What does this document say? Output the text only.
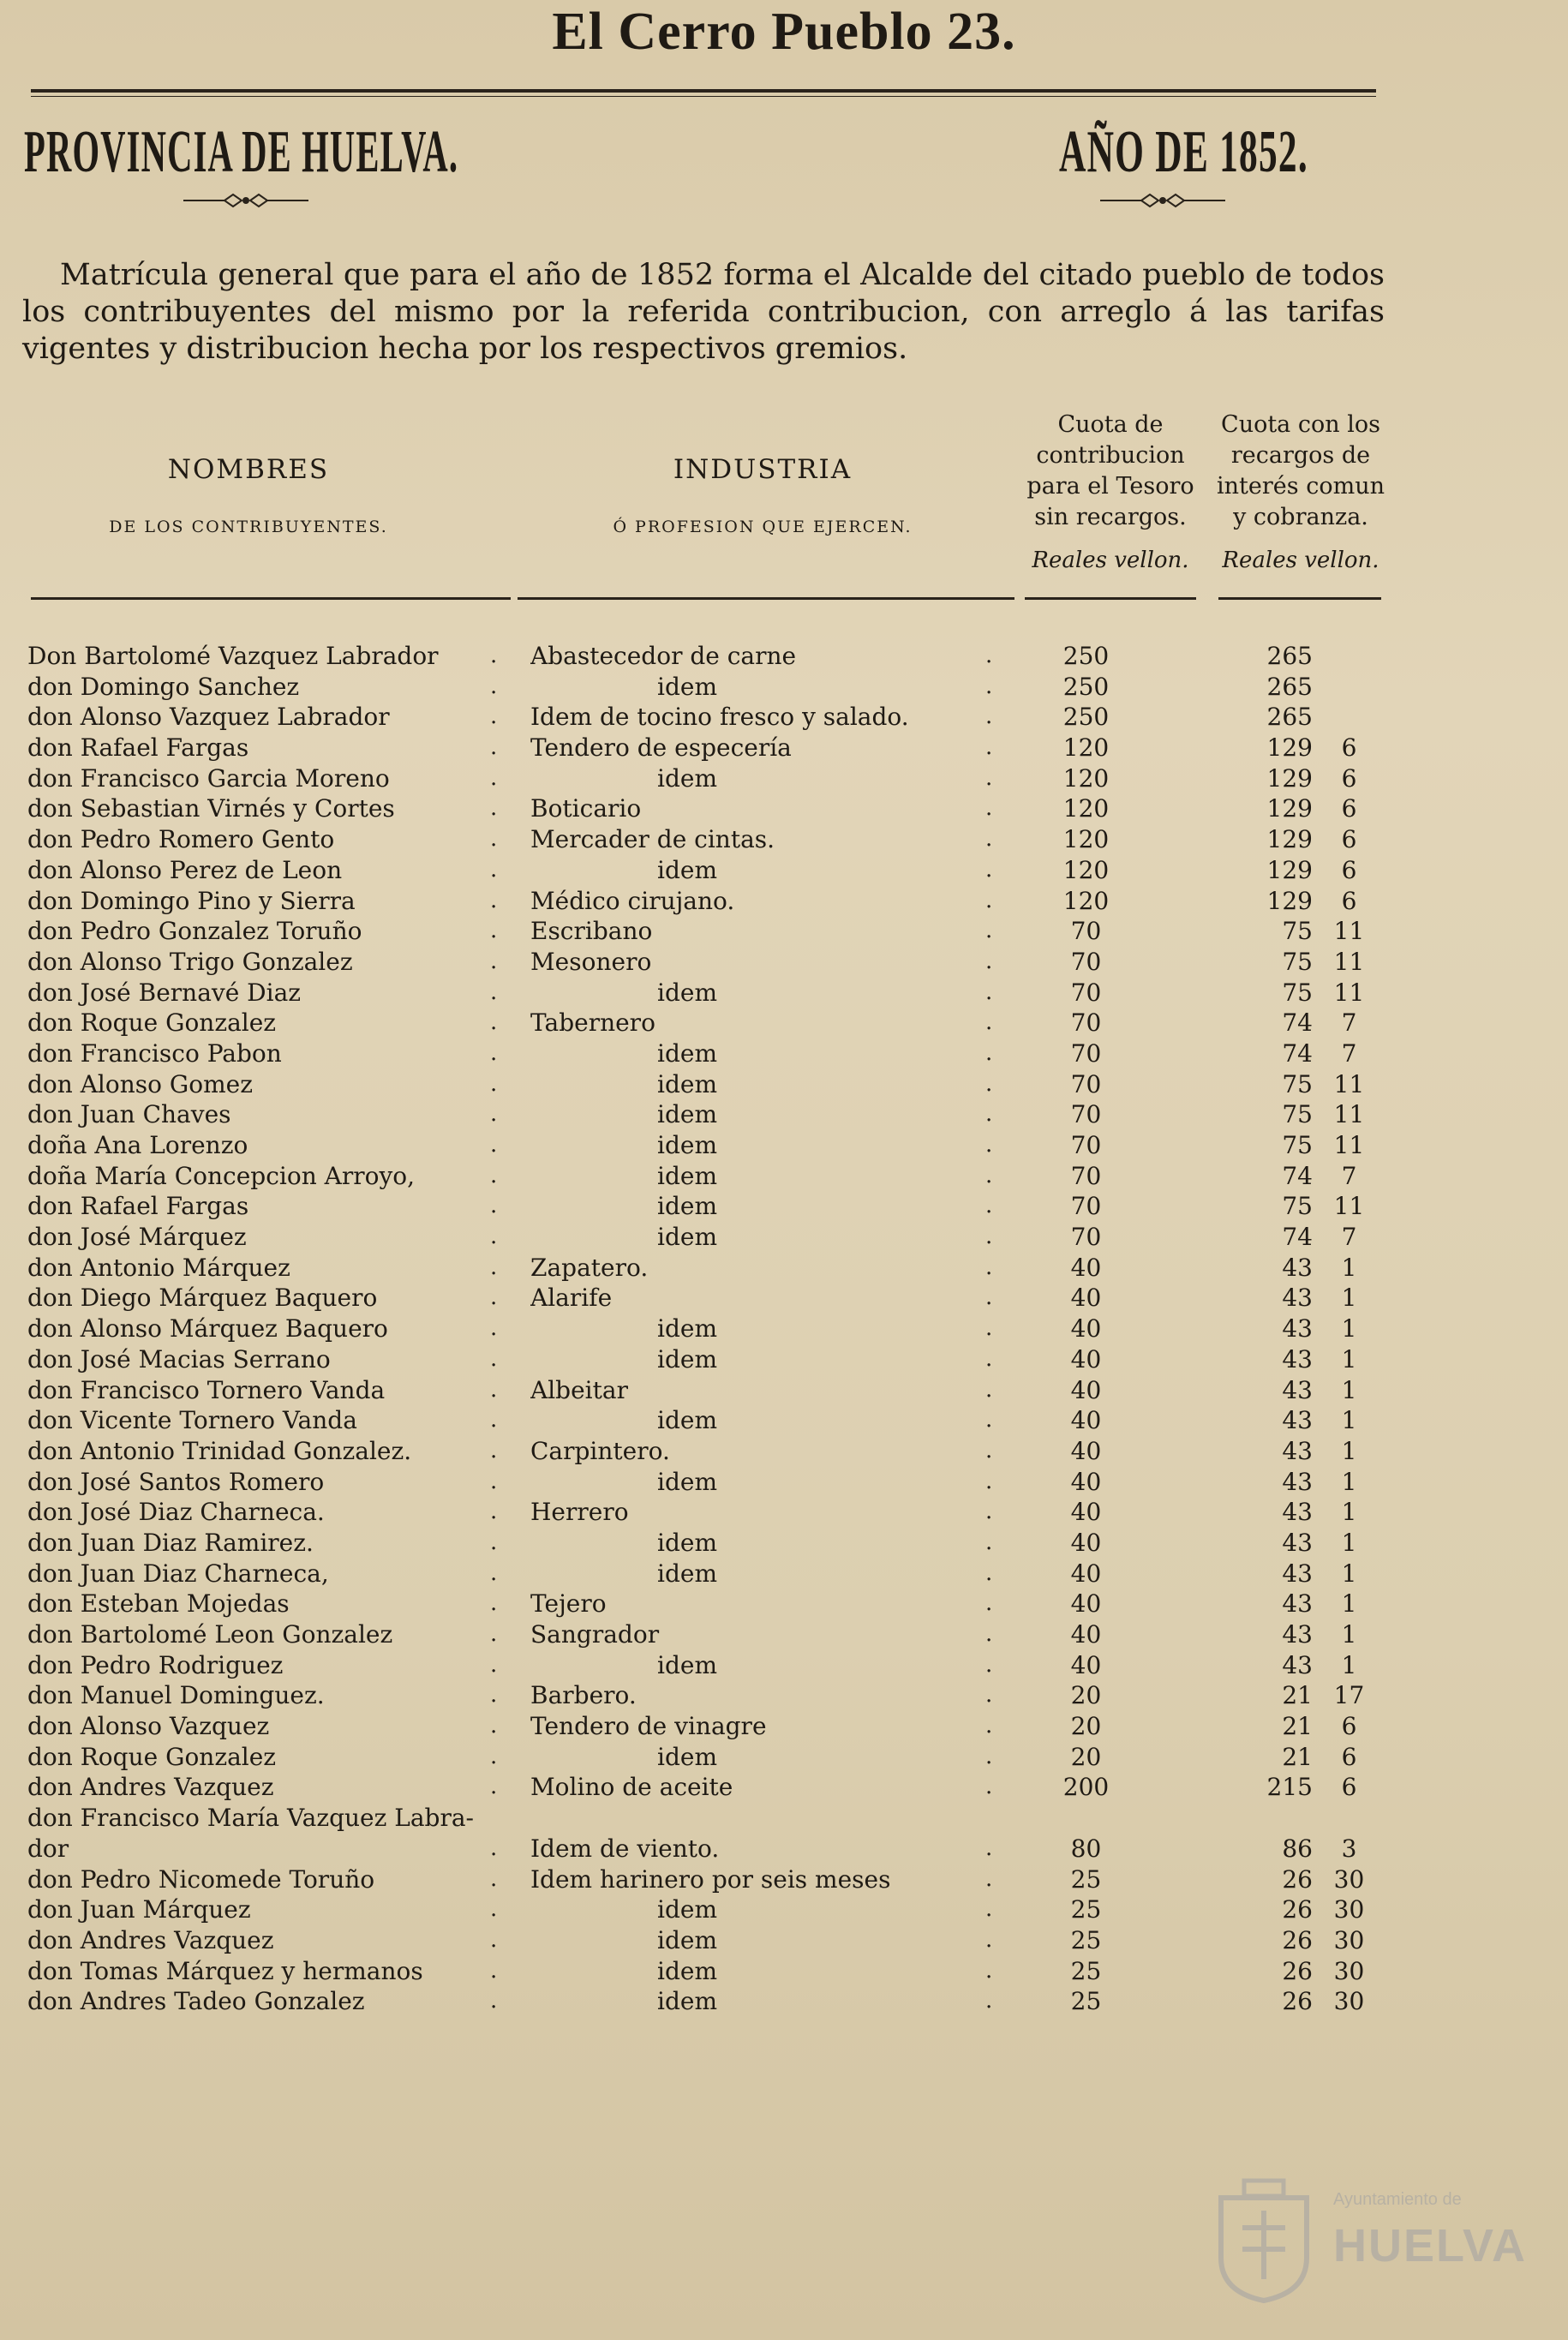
El Cerro Pueblo 23.
PROVINCIA DE HUELVA.	AÑO DE 1852.
Matrícula general que para el año de 1852 forma el Alcalde del citado pueblo de todos los contribuyentes del mismo por la referida contribucion, con arreglo á las tarifas vigentes y distribucion hecha por los respectivos gremios.
NOMBRES
DE LOS CONTRIBUYENTES.
INDUSTRIA
Ó PROFESION QUE EJERCEN.
Cuota de contribucion para el Tesoro sin recargos.
Reales vellon.
Cuota con los recargos de interés comun y cobranza.
Reales vellon.
Don Bartolomé Vazquez Labrador	Abastecedor de carne	250	265
.	.
don Domingo Sanchez	idem	250	265
.	.
don Alonso Vazquez Labrador	Idem de tocino fresco y salado.	250	265
.	.
don Rafael Fargas	Tendero de especería	120	129	6
.	.
don Francisco Garcia Moreno	idem	120	129	6
.	.
don Sebastian Virnés y Cortes	Boticario	120	129	6
.	.
don Pedro Romero Gento	Mercader de cintas.	120	129	6
.	.
don Alonso Perez de Leon	idem	120	129	6
.	.
don Domingo Pino y Sierra	Médico cirujano.	120	129	6
.	.
don Pedro Gonzalez Toruño	Escribano	70	75 11
.	.
don Alonso Trigo Gonzalez	Mesonero	70	75 11
.	.
don José Bernavé Diaz	idem	70	75 11
.	.
don Roque Gonzalez	Tabernero	70	74	7
.	.
don Francisco Pabon	idem	70	74	7
.	.
don Alonso Gomez	idem	70	75 11
.	.
don Juan Chaves	idem	70	75 11
.	.
doña Ana Lorenzo	idem	70	75 11
.	.
doña María Concepcion Arroyo,	idem	70	74	7
.	.
don Rafael Fargas	idem	70	75 11
.	.
don José Márquez	idem	70	74	7
.	.
don Antonio Márquez	Zapatero.	40	43	1
.	.
don Diego Márquez Baquero	Alarife	40	43	1
.	.
don Alonso Márquez Baquero	idem	40	43	1
.	.
don José Macias Serrano	idem	40	43	1
.	.
don Francisco Tornero Vanda	Albeitar	40	43	1
.	.
don Vicente Tornero Vanda	idem	40	43	1
.	.
don Antonio Trinidad Gonzalez.	Carpintero.	40	43	1
.	.
don José Santos Romero	idem	40	43	1
.	.
don José Diaz Charneca.	Herrero	40	43	1
.	.
don Juan Diaz Ramirez.	idem	40	43	1
.	.
don Juan Diaz Charneca,	idem	40	43	1
.	.
don Esteban Mojedas	Tejero	40	43	1
.	.
don Bartolomé Leon Gonzalez	Sangrador	40	43	1
.	.
don Pedro Rodriguez	idem	40	43	1
.	.
don Manuel Dominguez.	Barbero.	20	21 17
.	.
don Alonso Vazquez	Tendero de vinagre	20	21	6
.	.
don Roque Gonzalez	idem	20	21	6
.	.
don Andres Vazquez	Molino de aceite	200	215	6
.	.
don Francisco María Vazquez Labra-
dor	Idem de viento.	80	86	3
.	.
don Pedro Nicomede Toruño	Idem harinero por seis meses	25	26 30
.	.
don Juan Márquez	idem	25	26 30
.	.
don Andres Vazquez	idem	25	26 30
.	.
don Tomas Márquez y hermanos	idem	25	26 30
.	.
don Andres Tadeo Gonzalez	idem	25	26 30
.	.
Ayuntamiento de
HUELVA
